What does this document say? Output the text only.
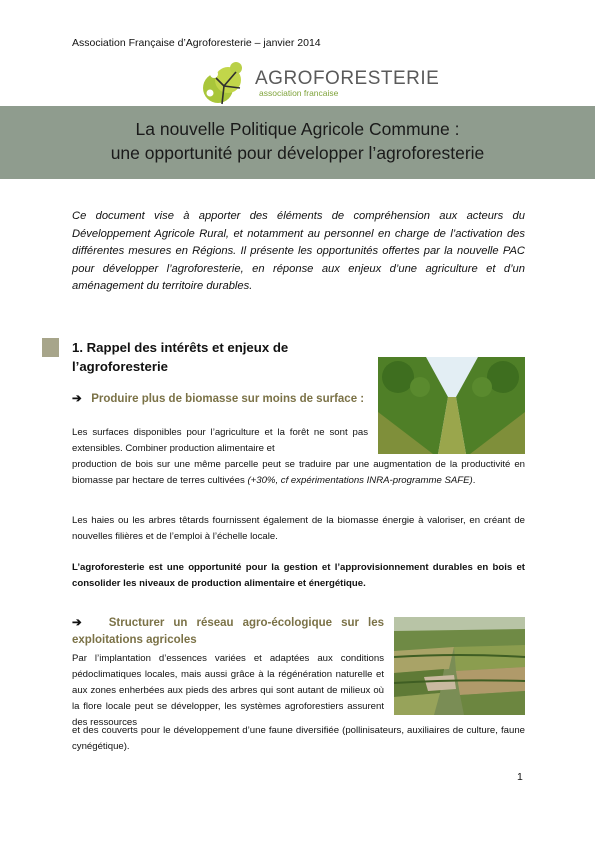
Association Française d’Agroforesterie – janvier 2014
AGROFORESTERIE
association francaise
La nouvelle Politique Agricole Commune :
une opportunité pour développer l’agroforesterie
Ce document vise à apporter des éléments de compréhension aux acteurs du Développement Agricole Rural, et notamment au personnel en charge de l’activation des différentes mesures en Régions. Il présente les opportunités offertes par la nouvelle PAC pour développer l’agroforesterie, en réponse aux enjeux d’une agriculture et d’un aménagement du territoire durables.
1. Rappel des intérêts et enjeux de l’agroforesterie
➔ Produire plus de biomasse sur moins de surface :
Les surfaces disponibles pour l’agriculture et la forêt ne sont pas extensibles. Combiner production alimentaire et
production de bois sur une même parcelle peut se traduire par une augmentation de la productivité en biomasse par hectare de terres cultivées (+30%, cf expérimentations INRA-programme SAFE).
Les haies ou les arbres têtards fournissent également de la biomasse énergie à valoriser, en créant de nouvelles filières et de l’emploi à l’échelle locale.
L’agroforesterie est une opportunité pour la gestion et l’approvisionnement durables en bois et consolider les niveaux de production alimentaire et énergétique.
➔ Structurer un réseau agro-écologique sur les exploitations agricoles
Par l’implantation d’essences variées et adaptées aux conditions pédoclimatiques locales, mais aussi grâce à la régénération naturelle et aux zones enherbées aux pieds des arbres qui sont autant de milieux où la flore locale peut se développer, les systèmes agroforestiers assurent des ressources
et des couverts pour le développement d’une faune diversifiée (pollinisateurs, auxiliaires de culture, faune cynégétique).
1
